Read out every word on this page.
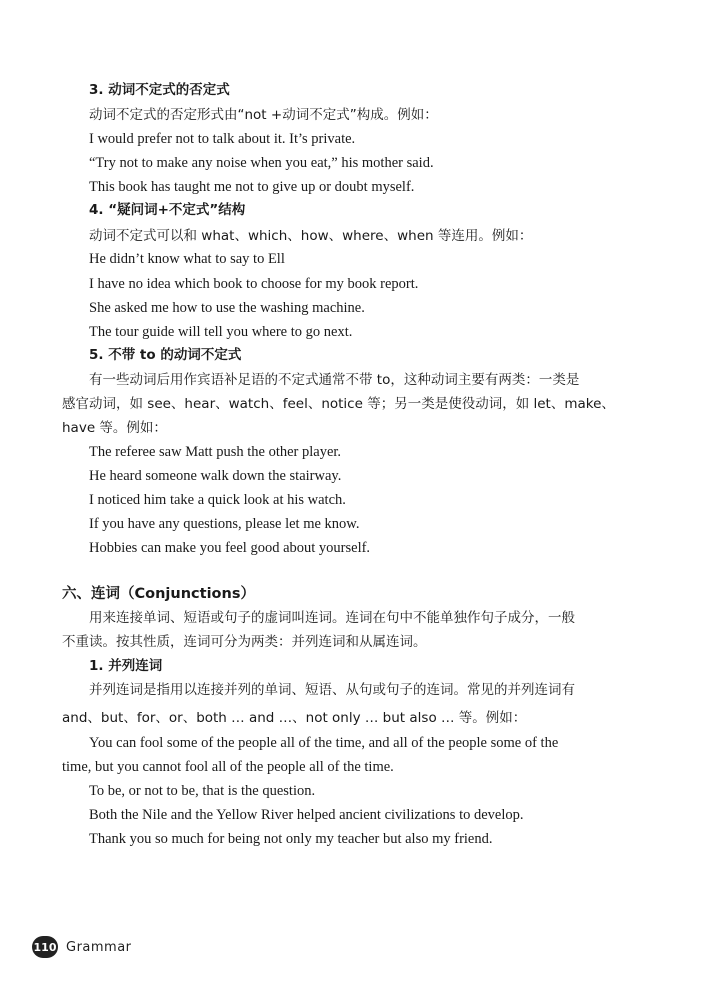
3. 动词不定式的否定式
动词不定式的否定形式由“not +动词不定式”构成。例如：
I would prefer not to talk about it. It’s private.
“Try not to make any noise when you eat,” his mother said.
This book has taught me not to give up or doubt myself.
4. “疑问词+不定式”结构
动词不定式可以和 what、which、how、where、when 等连用。例如：
He didn’t know what to say to Ell
I have no idea which book to choose for my book report.
She asked me how to use the washing machine.
The tour guide will tell you where to go next.
5. 不带 to 的动词不定式
有一些动词后用作宾语补足语的不定式通常不带 to，这种动词主要有两类：一类是
感官动词，如 see、hear、watch、feel、notice 等；另一类是使役动词，如 let、make、
have 等。例如：
The referee saw Matt push the other player.
He heard someone walk down the stairway.
I noticed him take a quick look at his watch.
If you have any questions, please let me know.
Hobbies can make you feel good about yourself.
六、连词（Conjunctions）
用来连接单词、短语或句子的虚词叫连词。连词在句中不能单独作句子成分，一般
不重读。按其性质，连词可分为两类：并列连词和从属连词。
1. 并列连词
并列连词是指用以连接并列的单词、短语、从句或句子的连词。常见的并列连词有
and、but、for、or、both … and …、not only … but also … 等。例如：
You can fool some of the people all of the time, and all of the people some of the
time, but you cannot fool all of the people all of the time.
To be, or not to be, that is the question.
Both the Nile and the Yellow River helped ancient civilizations to develop.
Thank you so much for being not only my teacher but also my friend.
110 Grammar
